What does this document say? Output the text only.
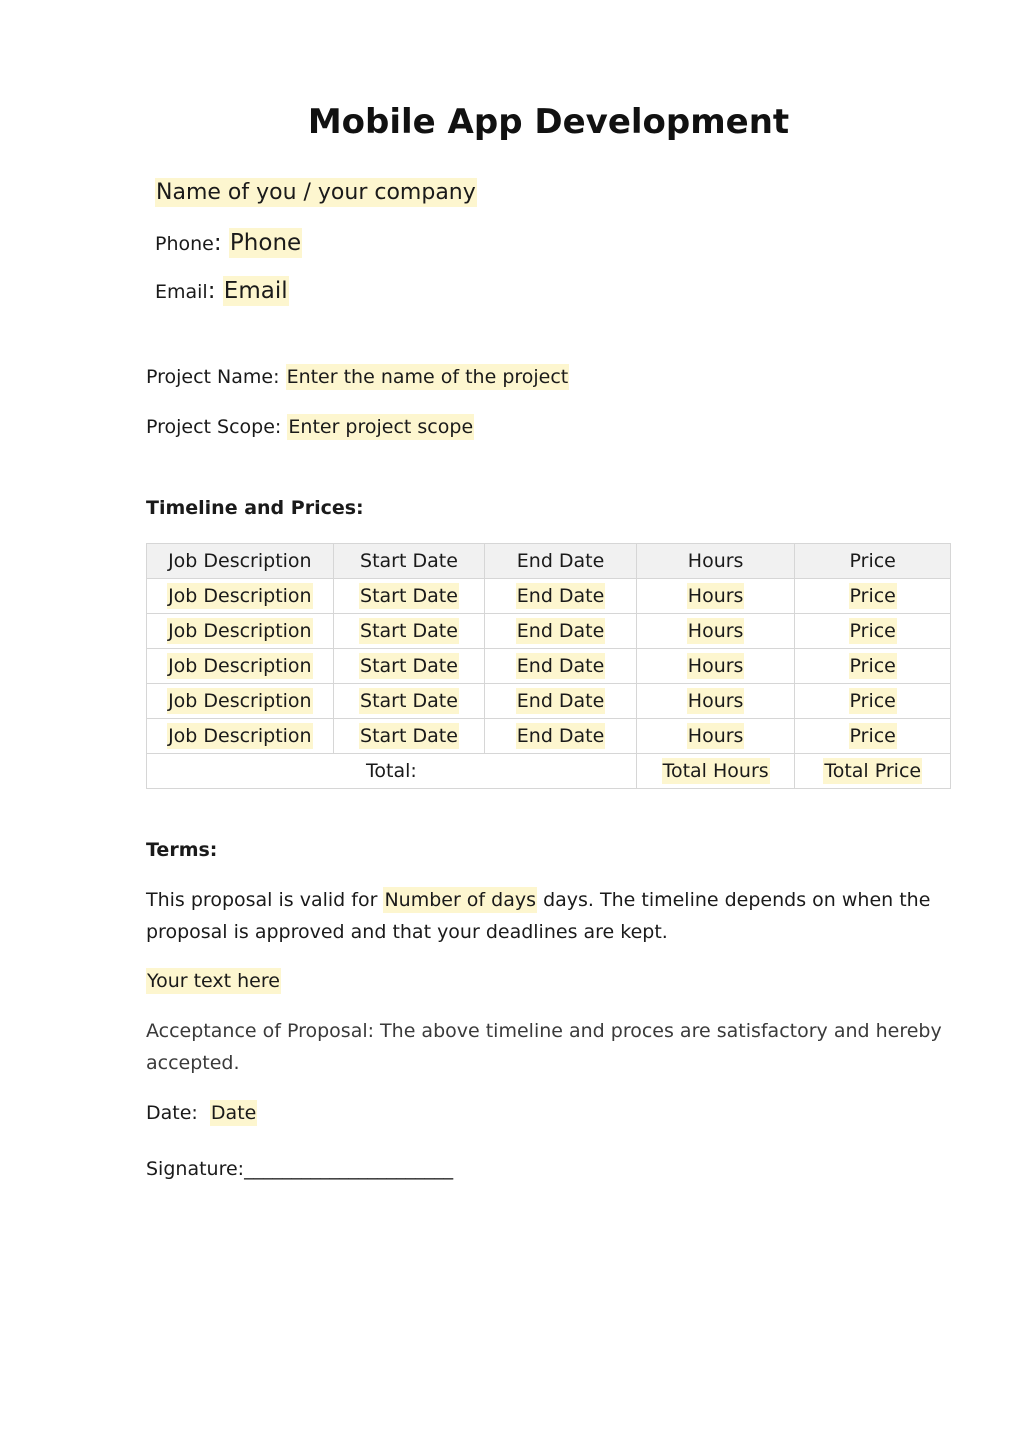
Mobile App Development

Name of you / your company

Phone: Phone

Email: Email

Project Name: Enter the name of the project

Project Scope: Enter project scope

Timeline and Prices:
Job Description	Start Date	End Date	Hours	Price
Job Description	Start Date	End Date	Hours	Price
Job Description	Start Date	End Date	Hours	Price
Job Description	Start Date	End Date	Hours	Price
Job Description	Start Date	End Date	Hours	Price
Job Description	Start Date	End Date	Hours	Price
Total:			Total Hours	Total Price
Terms:

This proposal is valid for Number of days days. The timeline depends on when the proposal is approved and that your deadlines are kept.

Your text here

Acceptance of Proposal: The above timeline and proces are satisfactory and hereby accepted.

Date: Date

Signature:______________________
